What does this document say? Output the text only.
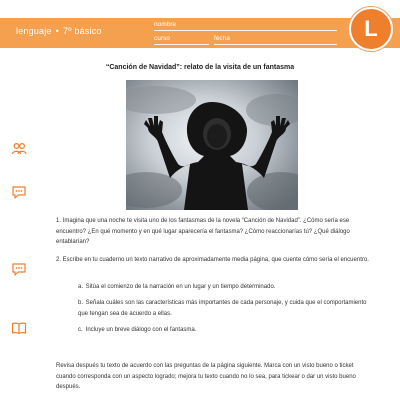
lenguaje • 7º básico
nombre
curso	fecha	L
“Canción de Navidad”: relato de la visita de un fantasma
1. Imagina que una noche te visita uno de los fantasmas de la novela “Canción de Navidad”. ¿Cómo sería ese encuentro? ¿En qué momento y en qué lugar aparecería el fantasma? ¿Cómo reaccionarías tú? ¿Qué diálogo entablarían?
2. Escribe en tu cuaderno un texto narrativo de aproximadamente media página, que cuente cómo sería el encuentro.
a. Sitúa el comienzo de la narración en un lugar y un tiempo determinado.
b. Señala cuáles son las características más importantes de cada personaje, y cuida que el comportamiento que tengan sea de acuerdo a ellas.
c. Incluye un breve diálogo con el fantasma.
Revisa después tu texto de acuerdo con las preguntas de la página siguiente. Marca con un visto bueno o ticket cuando corresponda con un aspecto logrado; mejora tu texto cuando no lo sea, para tickear o dar un visto bueno después.
